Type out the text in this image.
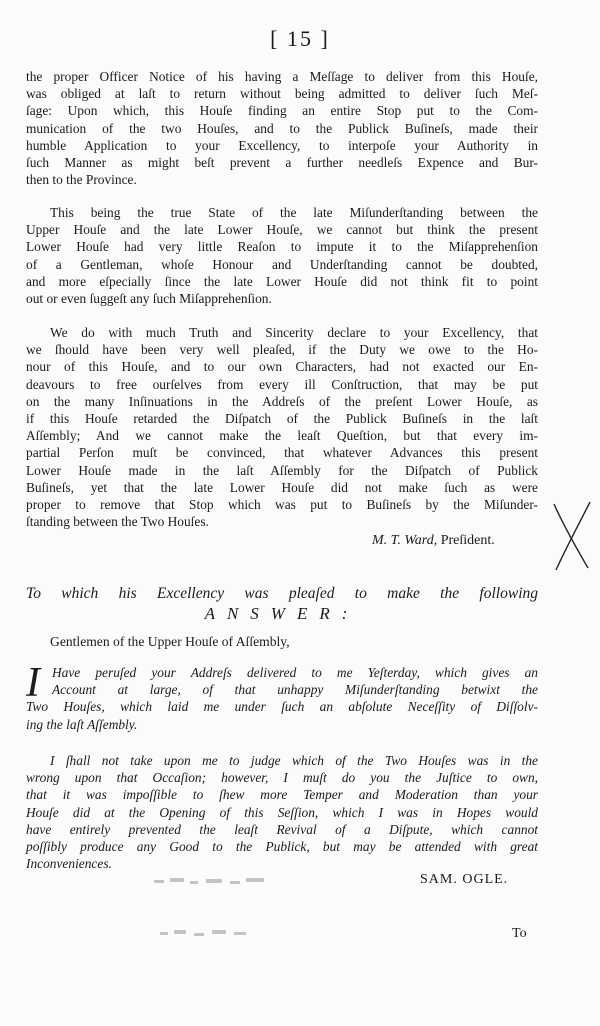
[ 15 ]
the proper Officer Notice of his having a Meſſage to deliver from this Houſe,
was obliged at laſt to return without being admitted to deliver ſuch Meſ-
ſage: Upon which, this Houſe finding an entire Stop put to the Com-
munication of the two Houſes, and to the Publick Buſineſs, made their
humble Application to your Excellency, to interpoſe your Authority in
ſuch Manner as might beſt prevent a further needleſs Expence and Bur-
then to the Province.
This being the true State of the late Miſunderſtanding between the
Upper Houſe and the late Lower Houſe, we cannot but think the present
Lower Houſe had very little Reaſon to impute it to the Miſapprehenſion
of a Gentleman, whoſe Honour and Underſtanding cannot be doubted,
and more eſpecially ſince the late Lower Houſe did not think fit to point
out or even ſuggeſt any ſuch Miſapprehenſion.
We do with much Truth and Sincerity declare to your Excellency, that
we ſhould have been very well pleaſed, if the Duty we owe to the Ho-
nour of this Houſe, and to our own Characters, had not exacted our En-
deavours to free ourſelves from every ill Conſtruction, that may be put
on the many Inſinuations in the Addreſs of the preſent Lower Houſe, as
if this Houſe retarded the Diſpatch of the Publick Buſineſs in the laſt
Aſſembly; And we cannot make the leaſt Queſtion, but that every im-
partial Perſon muſt be convinced, that whatever Advances this present
Lower Houſe made in the laſt Aſſembly for the Diſpatch of Publick
Buſineſs, yet that the late Lower Houſe did not make ſuch as were
proper to remove that Stop which was put to Buſineſs by the Miſunder-
ſtanding between the Two Houſes.
M. T. Ward, Preſident.
To which his Excellency was pleaſed to make the following
ANSWER:
Gentlemen of the Upper Houſe of Aſſembly,
I Have peruſed your Addreſs delivered to me Yeſterday, which gives an
Account at large, of that unhappy Miſunderſtanding betwixt the
Two Houſes, which laid me under ſuch an abſolute Neceſſity of Diſſolv-
ing the laſt Aſſembly.
I ſhall not take upon me to judge which of the Two Houſes was in the
wrong upon that Occaſion; however, I muſt do you the Juſtice to own,
that it was impoſſible to ſhew more Temper and Moderation than your
Houſe did at the Opening of this Seſſion, which I was in Hopes would
have entirely prevented the leaſt Revival of a Diſpute, which cannot
poſſibly produce any Good to the Publick, but may be attended with great
Inconveniences.
SAM. OGLE.
To
